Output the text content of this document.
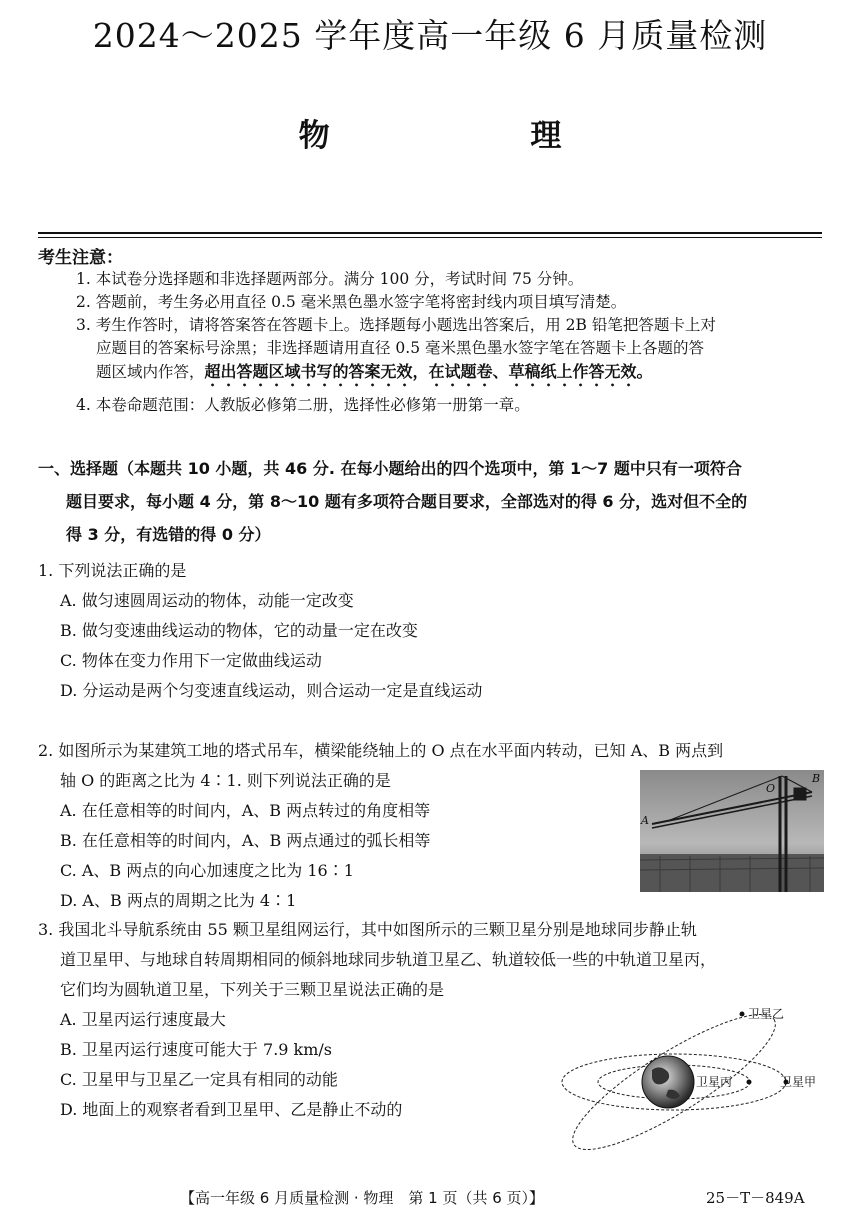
2024～2025 学年度高一年级 6 月质量检测
物 理
考生注意：

1. 本试卷分选择题和非选择题两部分。满分 100 分，考试时间 75 分钟。

2. 答题前，考生务必用直径 0.5 毫米黑色墨水签字笔将密封线内项目填写清楚。

3. 考生作答时，请将答案答在答题卡上。选择题每小题选出答案后，用 2B 铅笔把答题卡上对

应题目的答案标号涂黑；非选择题请用直径 0.5 毫米黑色墨水签字笔在答题卡上各题的答

题区域内作答，超出答题区域书写的答案无效，在试题卷、草稿纸上作答无效。

4. 本卷命题范围：人教版必修第二册，选择性必修第一册第一章。

一、选择题（本题共 10 小题，共 46 分. 在每小题给出的四个选项中，第 1～7 题中只有一项符合
题目要求，每小题 4 分，第 8～10 题有多项符合题目要求，全部选对的得 6 分，选对但不全的
得 3 分，有选错的得 0 分）
1. 下列说法正确的是
A. 做匀速圆周运动的物体，动能一定改变
B. 做匀变速曲线运动的物体，它的动量一定在改变
C. 物体在变力作用下一定做曲线运动
D. 分运动是两个匀变速直线运动，则合运动一定是直线运动
2. 如图所示为某建筑工地的塔式吊车，横梁能绕轴上的 O 点在水平面内转动，已知 A、B 两点到
轴 O 的距离之比为 4∶1. 则下列说法正确的是
A. 在任意相等的时间内，A、B 两点转过的角度相等
B. 在任意相等的时间内，A、B 两点通过的弧长相等
C. A、B 两点的向心加速度之比为 16∶1
D. A、B 两点的周期之比为 4∶1
O
A
B
3. 我国北斗导航系统由 55 颗卫星组网运行，其中如图所示的三颗卫星分别是地球同步静止轨
道卫星甲、与地球自转周期相同的倾斜地球同步轨道卫星乙、轨道较低一些的中轨道卫星丙，
它们均为圆轨道卫星，下列关于三颗卫星说法正确的是
A. 卫星丙运行速度最大
B. 卫星丙运行速度可能大于 7.9 km/s
C. 卫星甲与卫星乙一定具有相同的动能
D. 地面上的观察者看到卫星甲、乙是静止不动的
卫星乙
卫星丙	卫星甲
【高一年级 6 月质量检测 · 物理　第 1 页（共 6 页）】	25－T－849A
